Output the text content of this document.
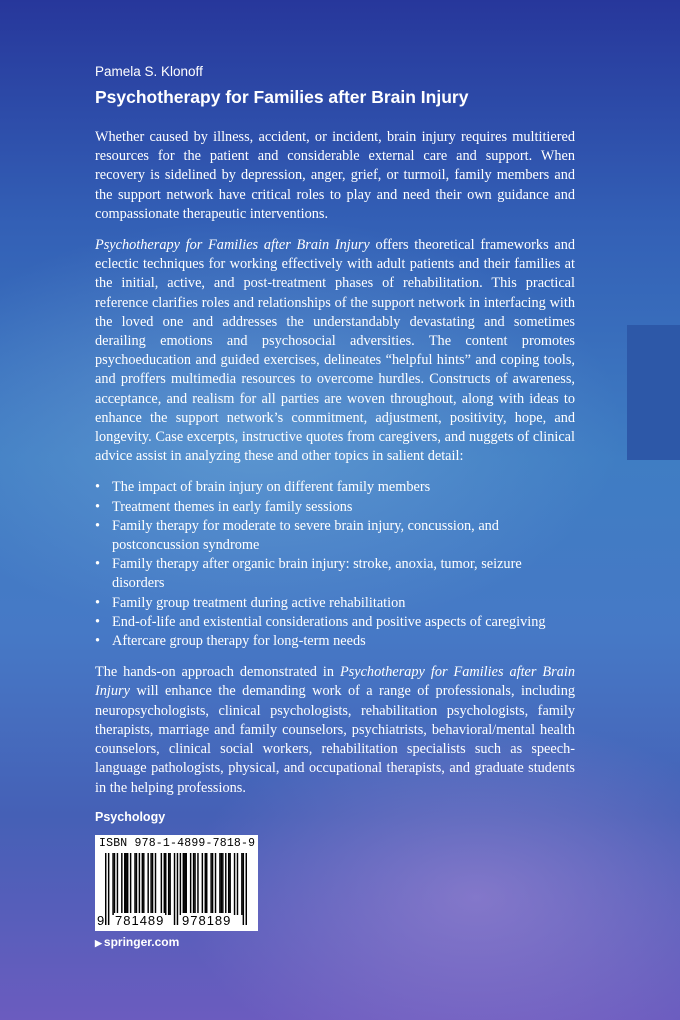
Pamela S. Klonoff
Psychotherapy for Families after Brain Injury

Whether caused by illness, accident, or incident, brain injury requires multitiered resources for the patient and considerable external care and support. When recovery is sidelined by depression, anger, grief, or turmoil, family members and the support network have critical roles to play and need their own guidance and compassionate therapeutic interventions.

Psychotherapy for Families after Brain Injury offers theoretical frameworks and eclectic techniques for working effectively with adult patients and their families at the initial, active, and post-treatment phases of rehabilitation. This practical reference clarifies roles and relationships of the support network in interfacing with the loved one and addresses the understandably devastating and sometimes derailing emotions and psychosocial adversities. The content promotes psychoeducation and guided exercises, delineates “helpful hints” and coping tools, and proffers multimedia resources to overcome hurdles. Constructs of awareness, acceptance, and realism for all parties are woven throughout, along with ideas to enhance the support network’s commitment, adjustment, positivity, hope, and longevity. Case excerpts, instructive quotes from caregivers, and nuggets of clinical advice assist in analyzing these and other topics in salient detail:

• The impact of brain injury on different family members
• Treatment themes in early family sessions
• Family therapy for moderate to severe brain injury, concussion, and postconcussion syndrome
• Family therapy after organic brain injury: stroke, anoxia, tumor, seizure disorders
• Family group treatment during active rehabilitation
• End-of-life and existential considerations and positive aspects of caregiving
• Aftercare group therapy for long-term needs

The hands-on approach demonstrated in Psychotherapy for Families after Brain Injury will enhance the demanding work of a range of professionals, including neuropsychologists, clinical psychologists, rehabilitation psychologists, family therapists, marriage and family counselors, psychiatrists, behavioral/mental health counselors, clinical social workers, rehabilitation specialists such as speech-language pathologists, physical, and occupational therapists, and graduate students in the helping professions.

Psychology
ISBN 978-1-4899-7818-9
9 781489 978189
▶ springer.com
